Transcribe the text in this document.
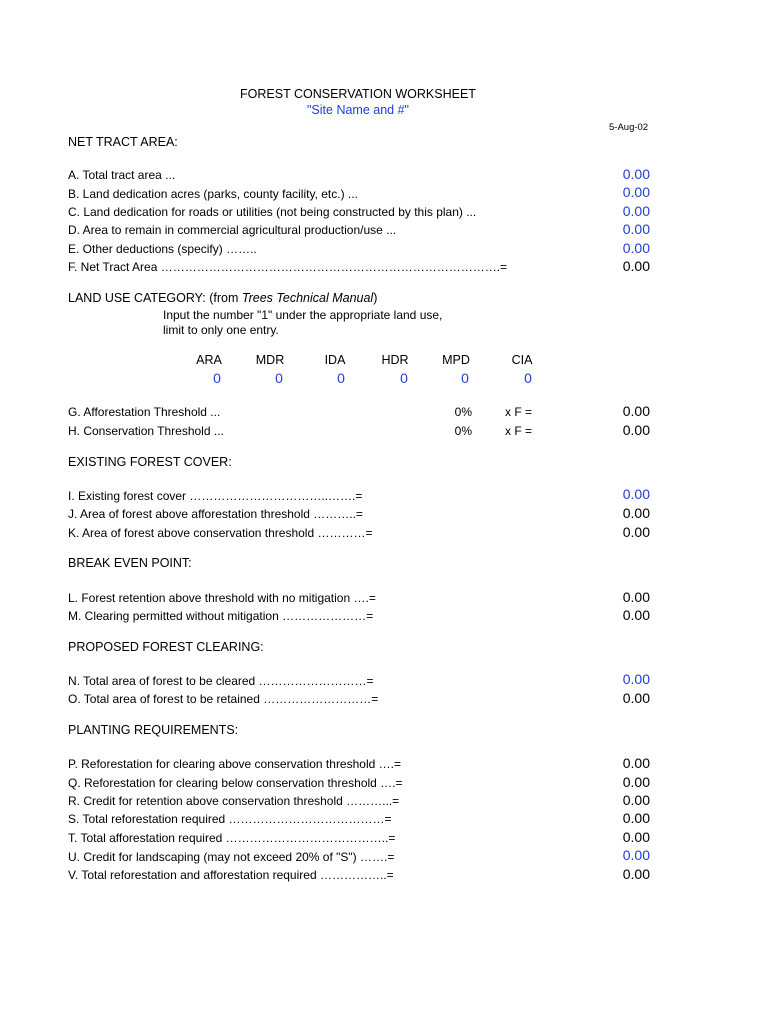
FOREST CONSERVATION WORKSHEET
"Site Name and #"
5-Aug-02
NET TRACT AREA:
A. Total tract area ...	0.00
B. Land dedication acres (parks, county facility, etc.) ...	0.00
C. Land dedication for roads or utilities (not being constructed by this plan) ...	0.00
D. Area to remain in commercial agricultural production/use ...	0.00
E. Other deductions (specify) ……..	0.00
F. Net Tract Area ………………………………………………………………………….=	0.00
LAND USE CATEGORY: (from Trees Technical Manual)
Input the number "1" under the appropriate land use,
limit to only one entry.
ARA	MDR	IDA	HDR	MPD	CIA
0	0	0	0	0	0
G. Afforestation Threshold ...	0%	x F =	0.00
H. Conservation Threshold ...	0%	x F =	0.00
EXISTING FOREST COVER:
I. Existing forest cover ……………………………..…….=	0.00
J. Area of forest above afforestation threshold ………..=	0.00
K. Area of forest above conservation threshold …………=	0.00
BREAK EVEN POINT:
L. Forest retention above threshold with no mitigation ….=	0.00
M. Clearing permitted without mitigation …………………=	0.00
PROPOSED FOREST CLEARING:
N. Total area of forest to be cleared ………………………=	0.00
O. Total area of forest to be retained ………………………=	0.00
PLANTING REQUIREMENTS:
P. Reforestation for clearing above conservation threshold ….=	0.00
Q. Reforestation for clearing below conservation threshold ….=	0.00
R. Credit for retention above conservation threshold ………...=	0.00
S. Total reforestation required …………………………………=	0.00
T. Total afforestation required …………………………………..=	0.00
U. Credit for landscaping (may not exceed 20% of "S") …….=	0.00
V. Total reforestation and afforestation required ……………..=	0.00
